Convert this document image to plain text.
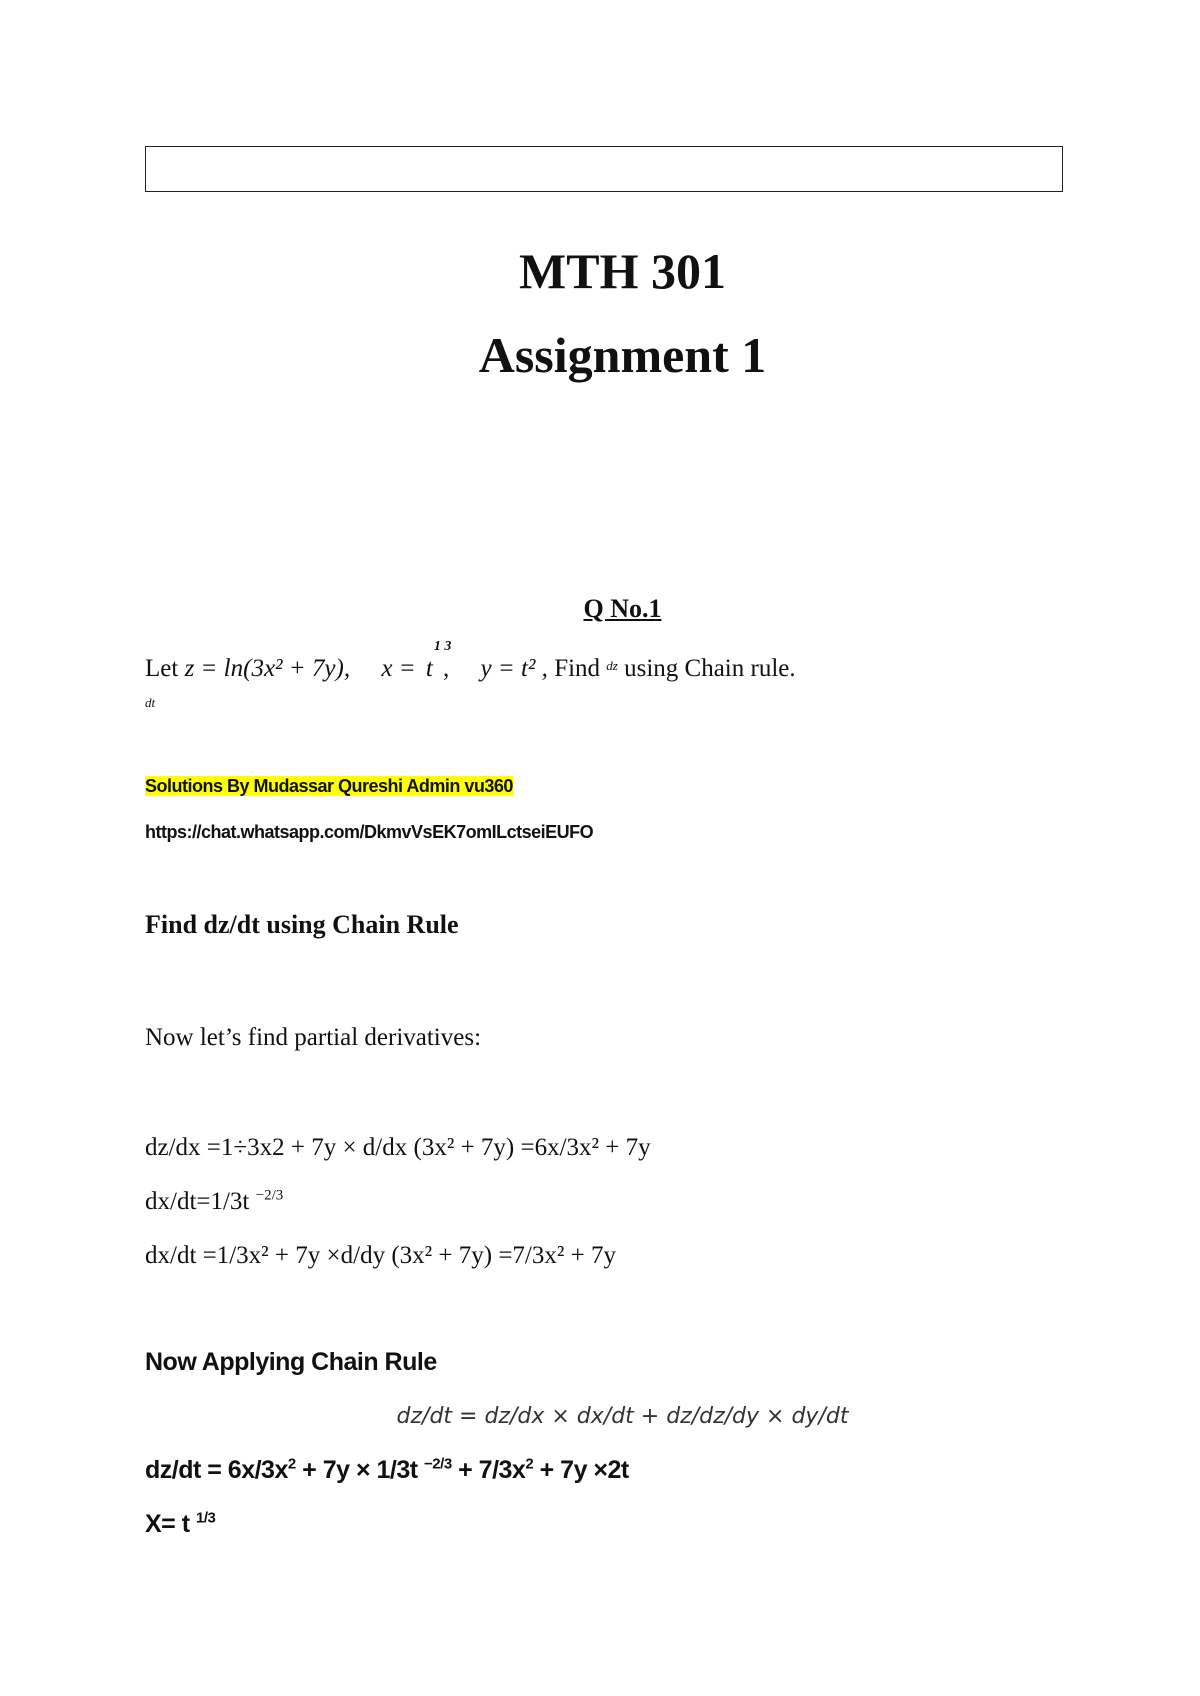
MTH 301
Assignment 1
Q No.1
Let z = ln(3x² + 7y), x = t
1 3
, y = t² , Find $^{dz}$ using Chain rule.
dt
Solutions By Mudassar Qureshi Admin vu360
https://chat.whatsapp.com/DkmvVsEK7omILctseiEUFO
Find dz/dt using Chain Rule
Now let’s find partial derivatives:
dz/dx =1÷3x2 + 7y × d/dx (3x² + 7y) =6x/3x² + 7y
dx/dt=1/3t $^{-2/3}$
dx/dt =1/3x² + 7y ×d/dy (3x² + 7y) =7/3x² + 7y
Now Applying Chain Rule
dz/dt = dz/dx × dx/dt + dz/dz/dy × dy/dt
$dz/dt = 6x/3x^2 + 7y \times 1/3t$ $^{-2/3} + 7/3x^2 + 7y \times 2t$
X= t $^{1/3}$
